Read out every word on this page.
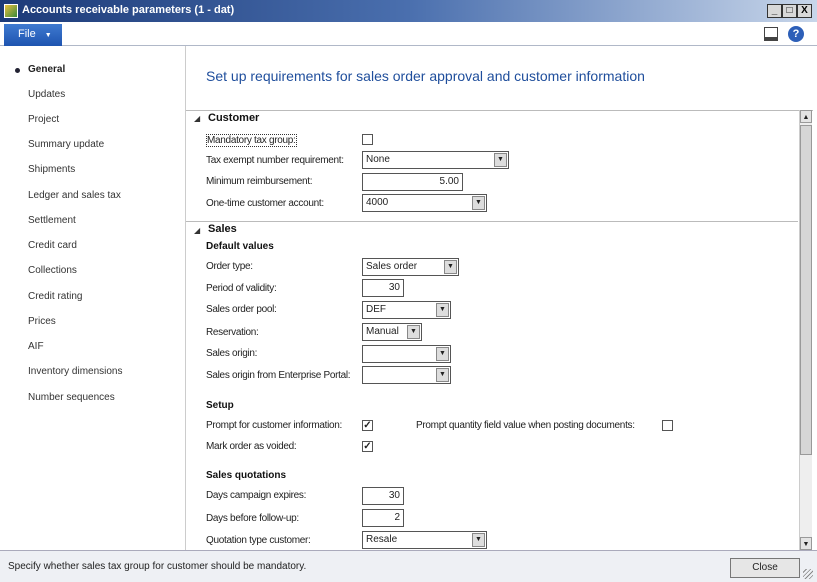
Accounts receivable parameters (1 - dat)	_ □ X
File ▼	?
General
Updates
Project
Summary update
Shipments
Ledger and sales tax
Settlement
Credit card
Collections
Credit rating
Prices
AIF
Inventory dimensions
Number sequences
Set up requirements for sales order approval and customer information
◢ Customer
Mandatory tax group:
Tax exempt number requirement:	None	▼
Minimum reimbursement:	5.00
One-time customer account:	4000	▼
◢ Sales
Default values
Order type:	Sales order	▼
Period of validity:	30
Sales order pool:	DEF	▼
Reservation:	Manual	▼
Sales origin:	▼
Sales origin from Enterprise Portal:	▼
Setup
Prompt for customer information: ✓	Prompt quantity field value when posting documents:
Mark order as voided:	✓
Sales quotations
Days campaign expires:	30
Days before follow-up:	2
Quotation type customer:	Resale	▼
▲
▼
Specify whether sales tax group for customer should be mandatory.	Close
